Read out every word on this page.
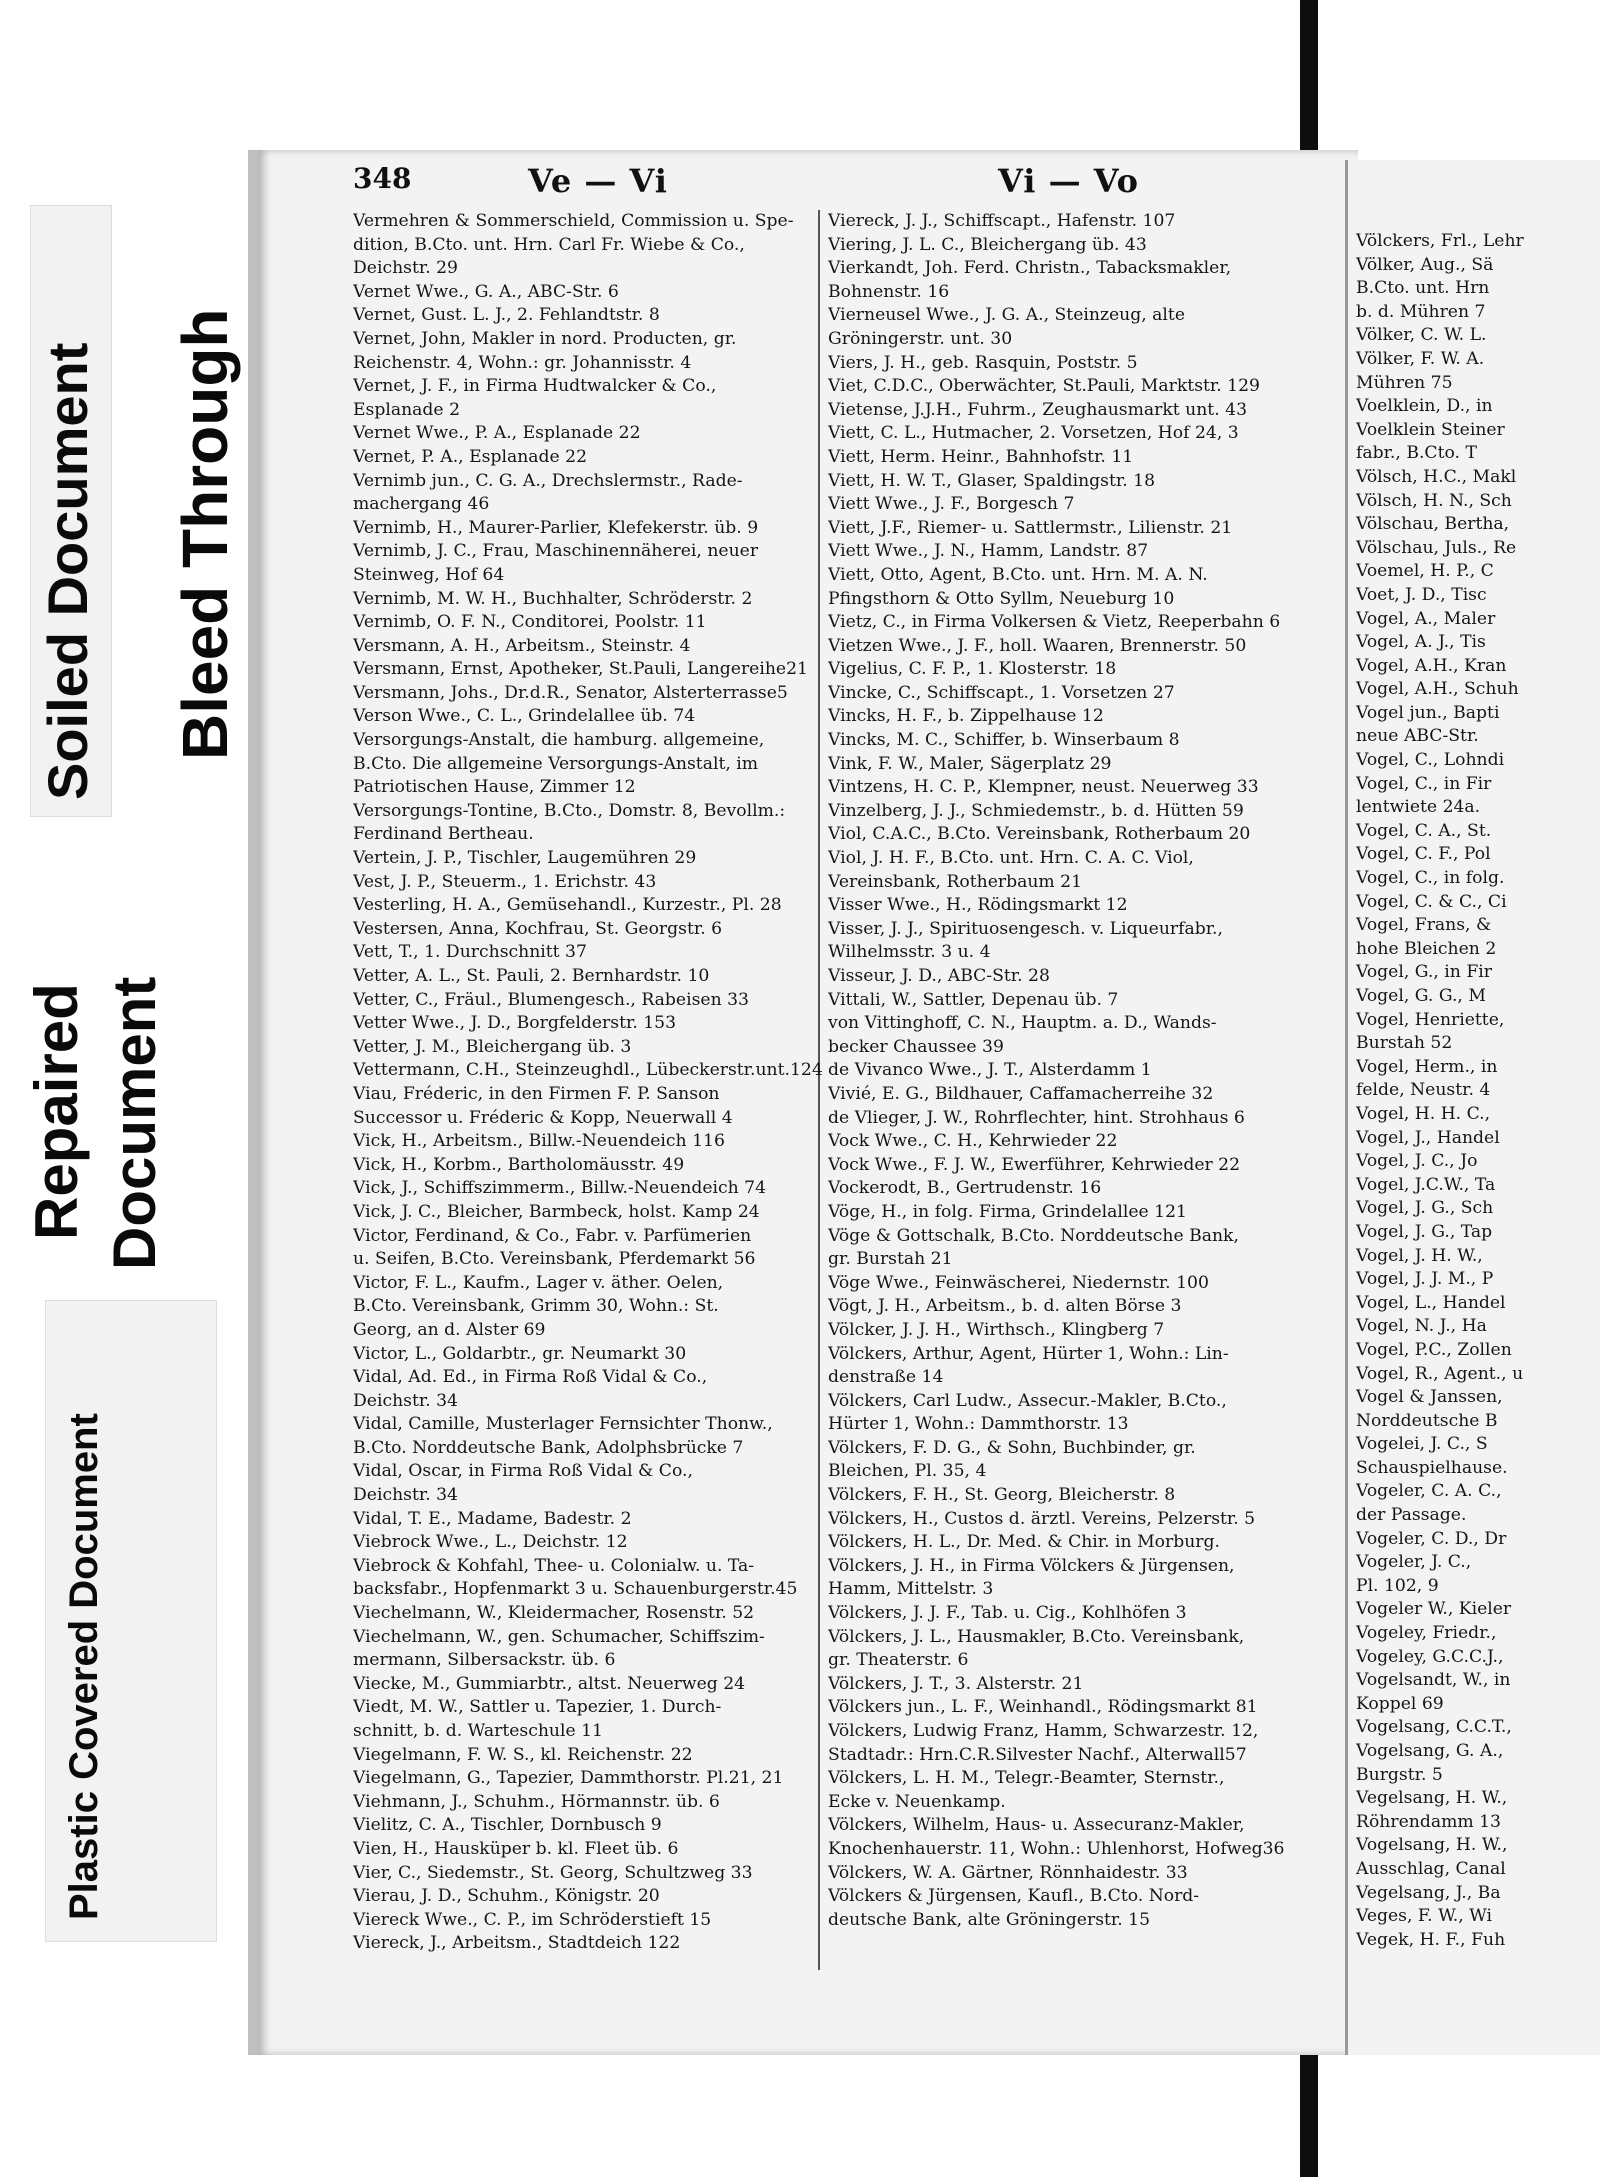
Soiled Document Bleed Through
Repaired Document
Plastic Covered Document
348	Ve — Vi	Vi — Vo

Vermehren & Sommerschield, Commission u. Spe-

dition, B.Cto. unt. Hrn. Carl Fr. Wiebe & Co.,

Deichstr. 29

Vernet Wwe., G. A., ABC-Str. 6

Vernet, Gust. L. J., 2. Fehlandtstr. 8

Vernet, John, Makler in nord. Producten, gr.

Reichenstr. 4, Wohn.: gr. Johannisstr. 4

Vernet, J. F., in Firma Hudtwalcker & Co.,

Esplanade 2

Vernet Wwe., P. A., Esplanade 22

Vernet, P. A., Esplanade 22

Vernimb jun., C. G. A., Drechslermstr., Rade-

machergang 46

Vernimb, H., Maurer-Parlier, Klefekerstr. üb. 9

Vernimb, J. C., Frau, Maschinennäherei, neuer

Steinweg, Hof 64

Vernimb, M. W. H., Buchhalter, Schröderstr. 2

Vernimb, O. F. N., Conditorei, Poolstr. 11

Versmann, A. H., Arbeitsm., Steinstr. 4

Versmann, Ernst, Apotheker, St.Pauli, Langereihe21

Versmann, Johs., Dr.d.R., Senator, Alsterterrasse5

Verson Wwe., C. L., Grindelallee üb. 74

Versorgungs-Anstalt, die hamburg. allgemeine,

B.Cto. Die allgemeine Versorgungs-Anstalt, im

Patriotischen Hause, Zimmer 12

Versorgungs-Tontine, B.Cto., Domstr. 8, Bevollm.:

Ferdinand Bertheau.

Vertein, J. P., Tischler, Laugemühren 29

Vest, J. P., Steuerm., 1. Erichstr. 43

Vesterling, H. A., Gemüsehandl., Kurzestr., Pl. 28

Vestersen, Anna, Kochfrau, St. Georgstr. 6

Vett, T., 1. Durchschnitt 37

Vetter, A. L., St. Pauli, 2. Bernhardstr. 10

Vetter, C., Fräul., Blumengesch., Rabeisen 33

Vetter Wwe., J. D., Borgfelderstr. 153

Vetter, J. M., Bleichergang üb. 3

Vettermann, C.H., Steinzeughdl., Lübeckerstr.unt.124

Viau, Fréderic, in den Firmen F. P. Sanson

Successor u. Fréderic & Kopp, Neuerwall 4

Vick, H., Arbeitsm., Billw.-Neuendeich 116

Vick, H., Korbm., Bartholomäusstr. 49

Vick, J., Schiffszimmerm., Billw.-Neuendeich 74

Vick, J. C., Bleicher, Barmbeck, holst. Kamp 24

Victor, Ferdinand, & Co., Fabr. v. Parfümerien

u. Seifen, B.Cto. Vereinsbank, Pferdemarkt 56

Victor, F. L., Kaufm., Lager v. äther. Oelen,

B.Cto. Vereinsbank, Grimm 30, Wohn.: St.

Georg, an d. Alster 69

Victor, L., Goldarbtr., gr. Neumarkt 30

Vidal, Ad. Ed., in Firma Roß Vidal & Co.,

Deichstr. 34

Vidal, Camille, Musterlager Fernsichter Thonw.,

B.Cto. Norddeutsche Bank, Adolphsbrücke 7

Vidal, Oscar, in Firma Roß Vidal & Co.,

Deichstr. 34

Vidal, T. E., Madame, Badestr. 2

Viebrock Wwe., L., Deichstr. 12

Viebrock & Kohfahl, Thee- u. Colonialw. u. Ta-

backsfabr., Hopfenmarkt 3 u. Schauenburgerstr.45

Viechelmann, W., Kleidermacher, Rosenstr. 52

Viechelmann, W., gen. Schumacher, Schiffszim-

mermann, Silbersackstr. üb. 6

Viecke, M., Gummiarbtr., altst. Neuerweg 24

Viedt, M. W., Sattler u. Tapezier, 1. Durch-

schnitt, b. d. Warteschule 11

Viegelmann, F. W. S., kl. Reichenstr. 22

Viegelmann, G., Tapezier, Dammthorstr. Pl.21, 21

Viehmann, J., Schuhm., Hörmannstr. üb. 6

Vielitz, C. A., Tischler, Dornbusch 9

Vien, H., Hausküper b. kl. Fleet üb. 6

Vier, C., Siedemstr., St. Georg, Schultzweg 33

Vierau, J. D., Schuhm., Königstr. 20

Viereck Wwe., C. P., im Schröderstieft 15

Viereck, J., Arbeitsm., Stadtdeich 122

Viereck, J. J., Schiffscapt., Hafenstr. 107

Viering, J. L. C., Bleichergang üb. 43

Vierkandt, Joh. Ferd. Christn., Tabacksmakler,

Bohnenstr. 16

Vierneusel Wwe., J. G. A., Steinzeug, alte

Gröningerstr. unt. 30

Viers, J. H., geb. Rasquin, Poststr. 5

Viet, C.D.C., Oberwächter, St.Pauli, Marktstr. 129

Vietense, J.J.H., Fuhrm., Zeughausmarkt unt. 43

Viett, C. L., Hutmacher, 2. Vorsetzen, Hof 24, 3

Viett, Herm. Heinr., Bahnhofstr. 11

Viett, H. W. T., Glaser, Spaldingstr. 18

Viett Wwe., J. F., Borgesch 7

Viett, J.F., Riemer- u. Sattlermstr., Lilienstr. 21

Viett Wwe., J. N., Hamm, Landstr. 87

Viett, Otto, Agent, B.Cto. unt. Hrn. M. A. N.

Pfingsthorn & Otto Syllm, Neueburg 10

Vietz, C., in Firma Volkersen & Vietz, Reeperbahn 6

Vietzen Wwe., J. F., holl. Waaren, Brennerstr. 50

Vigelius, C. F. P., 1. Klosterstr. 18

Vincke, C., Schiffscapt., 1. Vorsetzen 27

Vincks, H. F., b. Zippelhause 12

Vincks, M. C., Schiffer, b. Winserbaum 8

Vink, F. W., Maler, Sägerplatz 29

Vintzens, H. C. P., Klempner, neust. Neuerweg 33

Vinzelberg, J. J., Schmiedemstr., b. d. Hütten 59

Viol, C.A.C., B.Cto. Vereinsbank, Rotherbaum 20

Viol, J. H. F., B.Cto. unt. Hrn. C. A. C. Viol,

Vereinsbank, Rotherbaum 21

Visser Wwe., H., Rödingsmarkt 12

Visser, J. J., Spirituosengesch. v. Liqueurfabr.,

Wilhelmsstr. 3 u. 4

Visseur, J. D., ABC-Str. 28

Vittali, W., Sattler, Depenau üb. 7

von Vittinghoff, C. N., Hauptm. a. D., Wands-

becker Chaussee 39

de Vivanco Wwe., J. T., Alsterdamm 1

Vivié, E. G., Bildhauer, Caffamacherreihe 32

de Vlieger, J. W., Rohrflechter, hint. Strohhaus 6

Vock Wwe., C. H., Kehrwieder 22

Vock Wwe., F. J. W., Ewerführer, Kehrwieder 22

Vockerodt, B., Gertrudenstr. 16

Vöge, H., in folg. Firma, Grindelallee 121

Vöge & Gottschalk, B.Cto. Norddeutsche Bank,

gr. Burstah 21

Vöge Wwe., Feinwäscherei, Niedernstr. 100

Vögt, J. H., Arbeitsm., b. d. alten Börse 3

Völcker, J. J. H., Wirthsch., Klingberg 7

Völckers, Arthur, Agent, Hürter 1, Wohn.: Lin-

denstraße 14

Völckers, Carl Ludw., Assecur.-Makler, B.Cto.,

Hürter 1, Wohn.: Dammthorstr. 13

Völckers, F. D. G., & Sohn, Buchbinder, gr.

Bleichen, Pl. 35, 4

Völckers, F. H., St. Georg, Bleicherstr. 8

Völckers, H., Custos d. ärztl. Vereins, Pelzerstr. 5

Völckers, H. L., Dr. Med. & Chir. in Morburg.

Völckers, J. H., in Firma Völckers & Jürgensen,

Hamm, Mittelstr. 3

Völckers, J. J. F., Tab. u. Cig., Kohlhöfen 3

Völckers, J. L., Hausmakler, B.Cto. Vereinsbank,

gr. Theaterstr. 6

Völckers, J. T., 3. Alsterstr. 21

Völckers jun., L. F., Weinhandl., Rödingsmarkt 81

Völckers, Ludwig Franz, Hamm, Schwarzestr. 12,

Stadtadr.: Hrn.C.R.Silvester Nachf., Alterwall57

Völckers, L. H. M., Telegr.-Beamter, Sternstr.,

Ecke v. Neuenkamp.

Völckers, Wilhelm, Haus- u. Assecuranz-Makler,

Knochenhauerstr. 11, Wohn.: Uhlenhorst, Hofweg36

Völckers, W. A. Gärtner, Rönnhaidestr. 33

Völckers & Jürgensen, Kaufl., B.Cto. Nord-

deutsche Bank, alte Gröningerstr. 15

Völckers, Frl., Lehr

Völker, Aug., Sä

B.Cto. unt. Hrn

b. d. Mühren 7

Völker, C. W. L.

Völker, F. W. A.

Mühren 75

Voelklein, D., in

Voelklein Steiner

fabr., B.Cto. T

Völsch, H.C., Makl

Völsch, H. N., Sch

Völschau, Bertha,

Völschau, Juls., Re

Voemel, H. P., C

Voet, J. D., Tisc

Vogel, A., Maler

Vogel, A. J., Tis

Vogel, A.H., Kran

Vogel, A.H., Schuh

Vogel jun., Bapti

neue ABC-Str.

Vogel, C., Lohndi

Vogel, C., in Fir

lentwiete 24a.

Vogel, C. A., St.

Vogel, C. F., Pol

Vogel, C., in folg.

Vogel, C. & C., Ci

Vogel, Frans, &

hohe Bleichen 2

Vogel, G., in Fir

Vogel, G. G., M

Vogel, Henriette,

Burstah 52

Vogel, Herm., in

felde, Neustr. 4

Vogel, H. H. C.,

Vogel, J., Handel

Vogel, J. C., Jo

Vogel, J.C.W., Ta

Vogel, J. G., Sch

Vogel, J. G., Tap

Vogel, J. H. W.,

Vogel, J. J. M., P

Vogel, L., Handel

Vogel, N. J., Ha

Vogel, P.C., Zollen

Vogel, R., Agent., u

Vogel & Janssen,

Norddeutsche B

Vogelei, J. C., S

Schauspielhause.

Vogeler, C. A. C.,

der Passage.

Vogeler, C. D., Dr

Vogeler, J. C.,

Pl. 102, 9

Vogeler W., Kieler

Vogeley, Friedr.,

Vogeley, G.C.C.J.,

Vogelsandt, W., in

Koppel 69

Vogelsang, C.C.T.,

Vogelsang, G. A.,

Burgstr. 5

Vegelsang, H. W.,

Röhrendamm 13

Vogelsang, H. W.,

Ausschlag, Canal

Vegelsang, J., Ba

Veges, F. W., Wi

Vegek, H. F., Fuh
